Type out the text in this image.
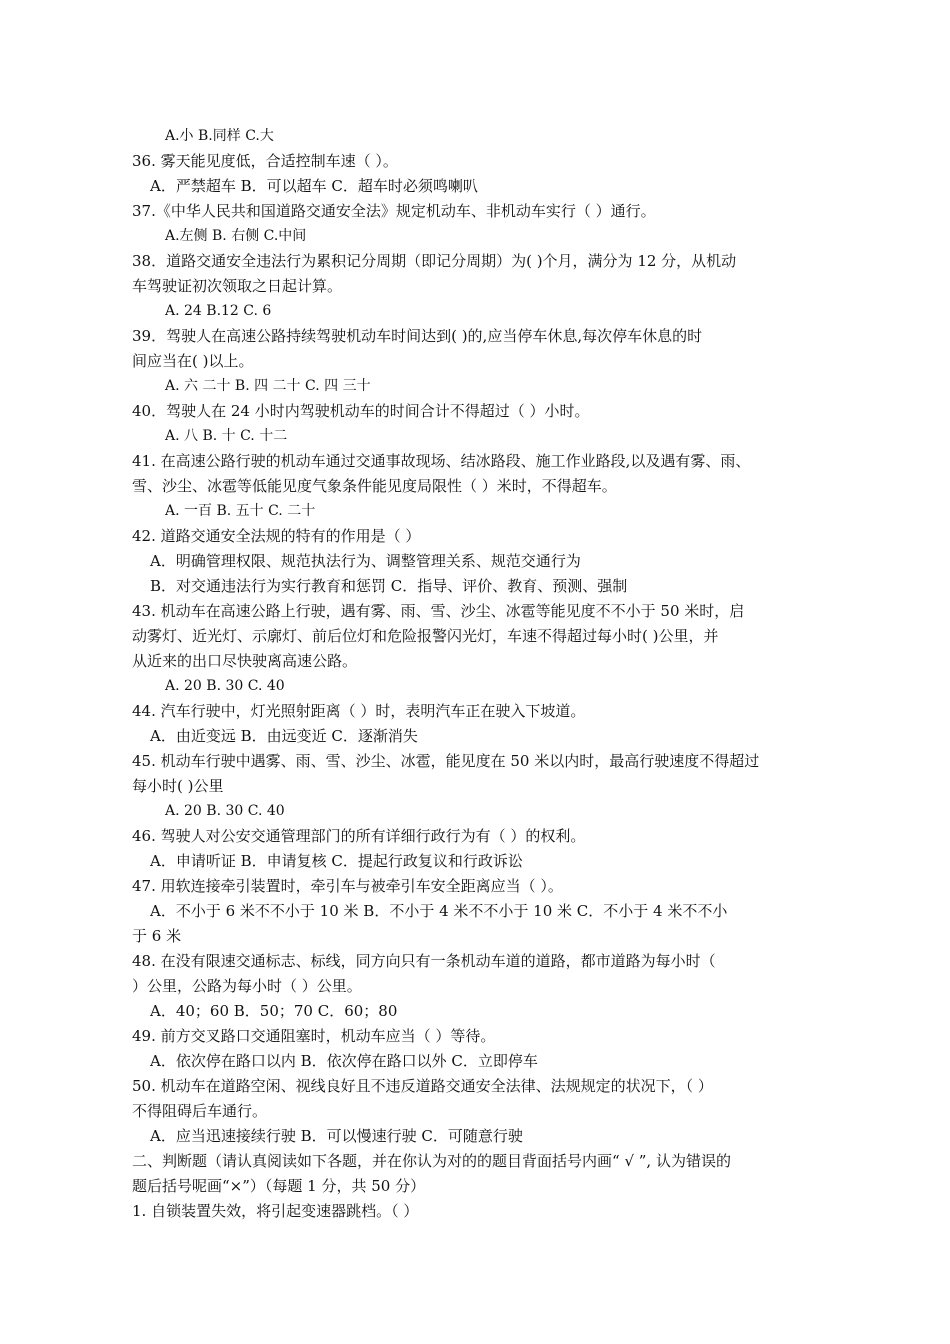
A.小 B.同样 C.大
36. 雾天能见度低，合适控制车速（ ）。
A．严禁超车 B．可以超车 C．超车时必须鸣喇叭
37.《中华人民共和国道路交通安全法》规定机动车、非机动车实行（ ）通行。
A.左侧 B. 右侧 C.中间
38．道路交通安全违法行为累积记分周期（即记分周期）为( )个月，满分为 12 分，从机动
车驾驶证初次领取之日起计算。
A. 24 B.12 C. 6
39．驾驶人在高速公路持续驾驶机动车时间达到( )的,应当停车休息,每次停车休息的时
间应当在( )以上。
A. 六 二十 B. 四 二十 C. 四 三十
40．驾驶人在 24 小时内驾驶机动车的时间合计不得超过（ ）小时。
A. 八 B. 十 C. 十二
41. 在高速公路行驶的机动车通过交通事故现场、结冰路段、施工作业路段,以及遇有雾、雨、
雪、沙尘、冰雹等低能见度气象条件能见度局限性（ ）米时，不得超车。
A. 一百 B. 五十 C. 二十
42. 道路交通安全法规的特有的作用是（ ）
A．明确管理权限、规范执法行为、调整管理关系、规范交通行为
B．对交通违法行为实行教育和惩罚 C．指导、评价、教育、预测、强制
43. 机动车在高速公路上行驶，遇有雾、雨、雪、沙尘、冰雹等能见度不不小于 50 米时，启
动雾灯、近光灯、示廓灯、前后位灯和危险报警闪光灯，车速不得超过每小时( )公里，并
从近来的出口尽快驶离高速公路。
A. 20 B. 30 C. 40
44. 汽车行驶中，灯光照射距离（ ）时，表明汽车正在驶入下坡道。
A．由近变远 B．由远变近 C．逐渐消失
45. 机动车行驶中遇雾、雨、雪、沙尘、冰雹，能见度在 50 米以内时，最高行驶速度不得超过
每小时( )公里
A. 20 B. 30 C. 40
46. 驾驶人对公安交通管理部门的所有详细行政行为有（ ）的权利。
A．申请听证 B．申请复核 C．提起行政复议和行政诉讼
47. 用软连接牵引装置时，牵引车与被牵引车安全距离应当（ ）。
A．不小于 6 米不不小于 10 米 B．不小于 4 米不不小于 10 米 C．不小于 4 米不不小
于 6 米
48. 在没有限速交通标志、标线，同方向只有一条机动车道的道路，都市道路为每小时（
）公里，公路为每小时（ ）公里。
A．40；60 B．50；70 C．60；80
49. 前方交叉路口交通阻塞时，机动车应当（ ）等待。
A．依次停在路口以内 B．依次停在路口以外 C．立即停车
50. 机动车在道路空闲、视线良好且不违反道路交通安全法律、法规规定的状况下，（ ）
不得阻碍后车通行。
A．应当迅速接续行驶 B．可以慢速行驶 C．可随意行驶
二、判断题（请认真阅读如下各题，并在你认为对的的题目背面括号内画“ √ ”, 认为错误的
题后括号呢画“×”）（每题 1 分，共 50 分）
1. 自锁装置失效，将引起变速器跳档。（ ）
